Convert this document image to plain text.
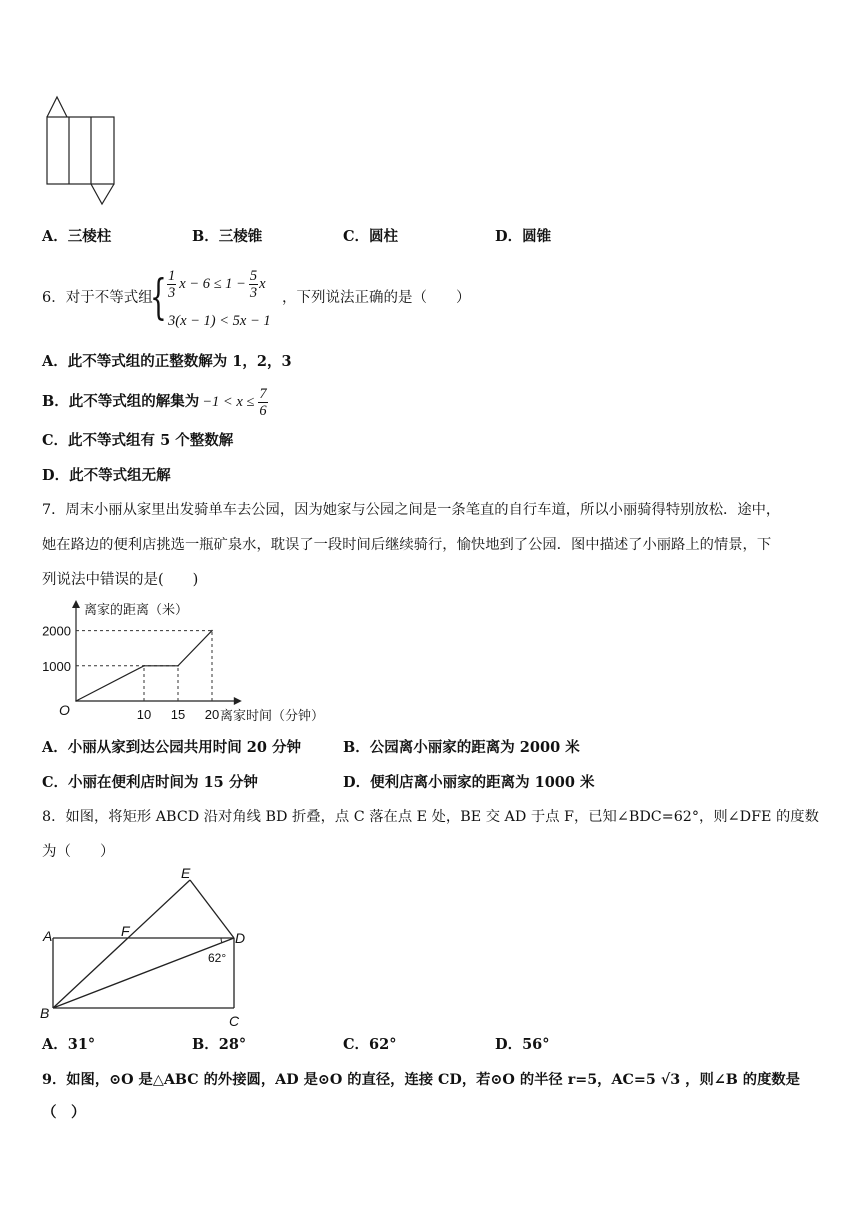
A．三棱柱	B．三棱锥	C．圆柱	D．圆锥
6．对于不等式组
{ $\frac{1}{3}$ $x - 6 \le 1 - \frac{5}{3}$ x
3(x − 1) < 5x − 1
，下列说法正确的是（　　）
A．此不等式组的正整数解为 1，2，3
B．此不等式组的解集为 $-1 < x \le \frac{7}{6}$
C．此不等式组有 5 个整数解
D．此不等式组无解
7．周末小丽从家里出发骑单车去公园，因为她家与公园之间是一条笔直的自行车道，所以小丽骑得特别放松．途中，
她在路边的便利店挑选一瓶矿泉水，耽误了一段时间后继续骑行，愉快地到了公园．图中描述了小丽路上的情景，下
列说法中错误的是(　　)
10 15 20
1000
2000
O
离家的距离（米）
离家时间（分钟）
A．小丽从家到达公园共用时间 20 分钟	B．公园离小丽家的距离为 2000 米
C．小丽在便利店时间为 15 分钟	D．便利店离小丽家的距离为 1000 米
8．如图，将矩形 ABCD 沿对角线 BD 折叠，点 C 落在点 E 处，BE 交 AD 于点 F，已知∠BDC=62°，则∠DFE 的度数
为（　　）
A
B	C
D
E
F
62°
A．31°	B．28°	C．62°	D．56°
9．如图，⊙O 是△ABC 的外接圆，AD 是⊙O 的直径，连接 CD，若⊙O 的半径 r=5，AC=5 √3 ，则∠B 的度数是
（　）
